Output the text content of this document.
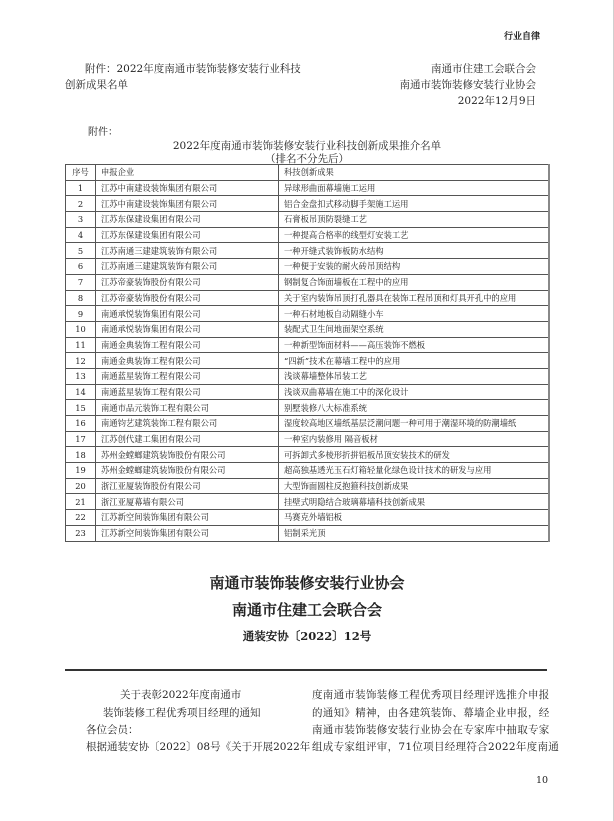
行业自律
附件：2022年度南通市装饰装修安装行业科技
创新成果名单
南通市住建工会联合会
南通市装饰装修安装行业协会
2022年12月9日
附件：
2022年度南通市装饰装修安装行业科技创新成果推介名单
（排名不分先后）
序号	申报企业	科技创新成果
1	江苏中南建设装饰集团有限公司	异球形曲面幕墙施工运用
2	江苏中南建设装饰集团有限公司	铝合金盘扣式移动脚手架施工运用
3	江苏东保建设集团有限公司	石膏板吊顶防裂缝工艺
4	江苏东保建设集团有限公司	一种提高合格率的线型灯安装工艺
5	江苏南通三建建筑装饰有限公司	一种开缝式装饰板防水结构
6	江苏南通三建建筑装饰有限公司	一种便于安装的耐火砖吊顶结构
7	江苏帝豪装饰股份有限公司	钢制复合饰面墙板在工程中的应用
8	江苏帝豪装饰股份有限公司	关于室内装饰吊顶打孔器具在装饰工程吊顶和灯具开孔中的应用
9	南通承悦装饰集团有限公司	一种石材地板自动隔缝小车
10	南通承悦装饰集团有限公司	装配式卫生间地面架空系统
11	南通金典装饰工程有限公司	一种新型饰面材料——高压装饰不燃板
12	南通金典装饰工程有限公司	“四新”技术在幕墙工程中的应用
13	南通蓝星装饰工程有限公司	浅谈幕墙整体吊装工艺
14	南通蓝星装饰工程有限公司	浅谈双曲幕墙在施工中的深化设计
15	南通市品元装饰工程有限公司	别墅装修八大标准系统
16	南通钧艺建筑装饰工程有限公司	湿度较高地区墙纸基层泛潮问题一种可用于潮湿环境的防潮墙纸
17	江苏创代建工集团有限公司	一种室内装修用 隔音板材
18	苏州金螳螂建筑装饰股份有限公司	可拆卸式多棱形折拼铝板吊顶安装技术的研发
19	苏州金螳螂建筑装饰股份有限公司	超高独基透光玉石灯箱轻量化绿色设计技术的研发与应用
20	浙江亚厦装饰股份有限公司	大型饰面圆柱反抱箍科技创新成果
21	浙江亚厦幕墙有限公司	挂壁式明隐结合玻璃幕墙科技创新成果
22	江苏新空间装饰集团有限公司	马赛克外墙铝板
23	江苏新空间装饰集团有限公司	铝制采光顶
南通市装饰装修安装行业协会
南通市住建工会联合会
通装安协〔2022〕12号
关于表彰2022年度南通市
装饰装修工程优秀项目经理的通知
各位会员：
根据通装安协〔2022〕08号《关于开展2022年
度南通市装饰装修工程优秀项目经理评选推介申报
的通知》精神，由各建筑装饰、幕墙企业申报，经
南通市装饰装修安装行业协会在专家库中抽取专家
组成专家组评审，71位项目经理符合2022年度南通
10
